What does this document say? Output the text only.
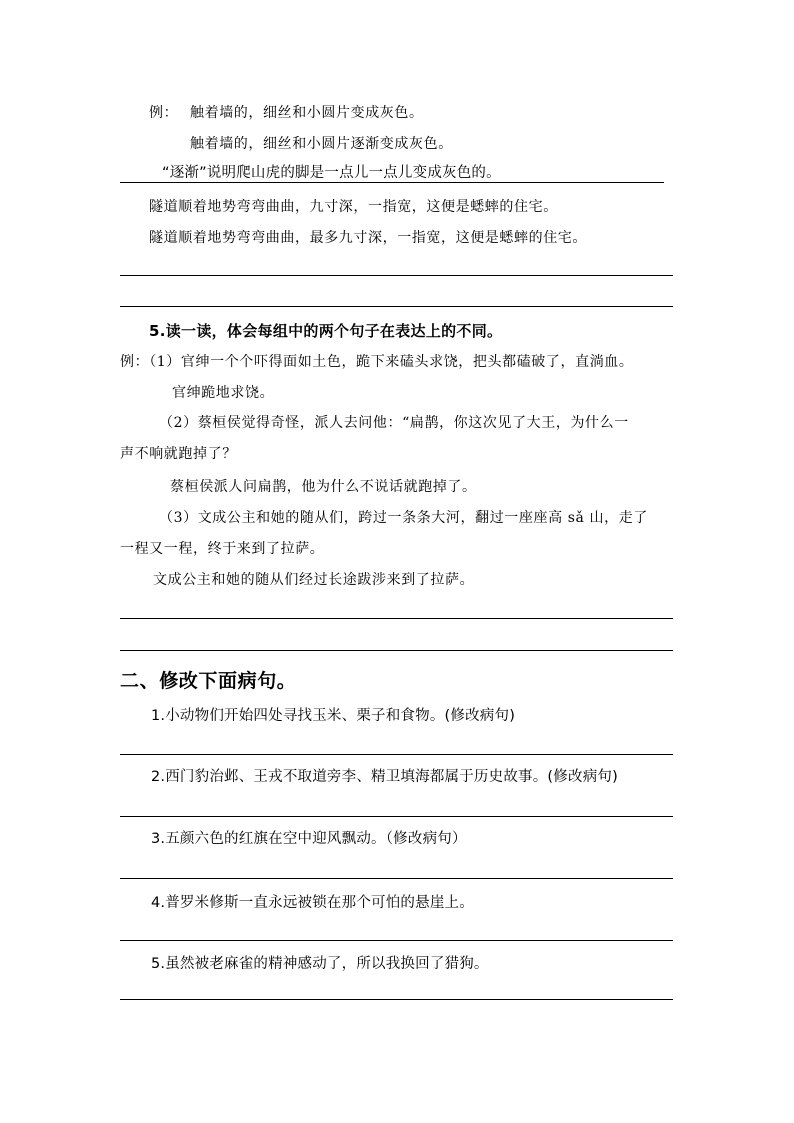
例： 触着墙的，细丝和小圆片变成灰色。
触着墙的，细丝和小圆片逐渐变成灰色。
“逐渐”说明爬山虎的脚是一点儿一点儿变成灰色的。
隧道顺着地势弯弯曲曲，九寸深，一指宽，这便是蟋蟀的住宅。
隧道顺着地势弯弯曲曲，最多九寸深，一指宽，这便是蟋蟀的住宅。
5.读一读，体会每组中的两个句子在表达上的不同。
例：（1）官绅一个个吓得面如土色，跪下来磕头求饶，把头都磕破了，直淌血。
官绅跪地求饶。
（2）蔡桓侯觉得奇怪，派人去问他：“扁鹊，你这次见了大王，为什么一
声不响就跑掉了？
蔡桓侯派人问扁鹊，他为什么不说话就跑掉了。
（3）文成公主和她的随从们，跨过一条条大河，翻过一座座高 sǎ 山，走了
一程又一程，终于来到了拉萨。
文成公主和她的随从们经过长途跋涉来到了拉萨。
二、修改下面病句。
1.小动物们开始四处寻找玉米、栗子和食物。(修改病句)
2.西门豹治邺、王戎不取道旁李、精卫填海都属于历史故事。(修改病句)
3.五颜六色的红旗在空中迎风飘动。（修改病句）
4.普罗米修斯一直永远被锁在那个可怕的悬崖上。
5.虽然被老麻雀的精神感动了，所以我换回了猎狗。
